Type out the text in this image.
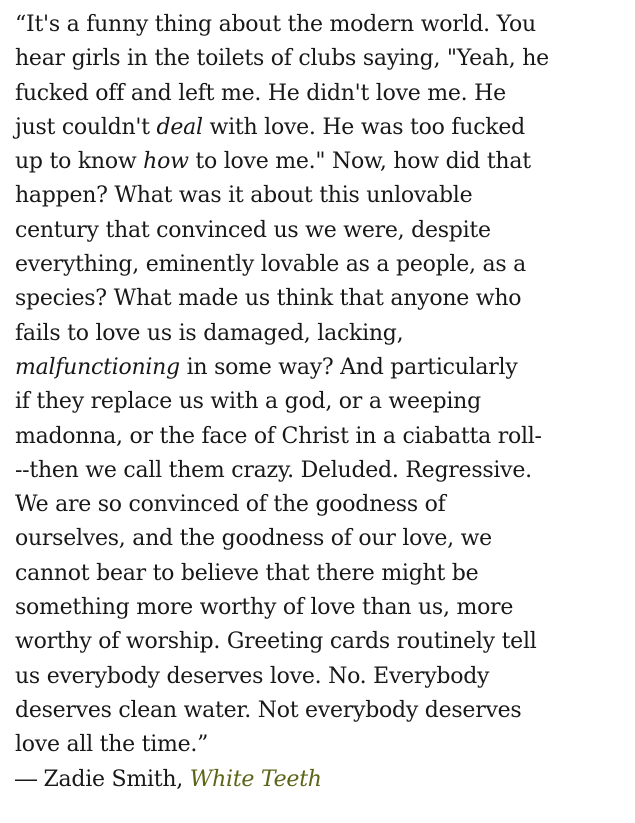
“It's a funny thing about the modern world. You
hear girls in the toilets of clubs saying, "Yeah, he
fucked off and left me. He didn't love me. He
just couldn't deal with love. He was too fucked
up to know how to love me." Now, how did that
happen? What was it about this unlovable
century that convinced us we were, despite
everything, eminently lovable as a people, as a
species? What made us think that anyone who
fails to love us is damaged, lacking,
malfunctioning in some way? And particularly
if they replace us with a god, or a weeping
madonna, or the face of Christ in a ciabatta roll-
--then we call them crazy. Deluded. Regressive.
We are so convinced of the goodness of
ourselves, and the goodness of our love, we
cannot bear to believe that there might be
something more worthy of love than us, more
worthy of worship. Greeting cards routinely tell
us everybody deserves love. No. Everybody
deserves clean water. Not everybody deserves
love all the time.”
― Zadie Smith, White Teeth
